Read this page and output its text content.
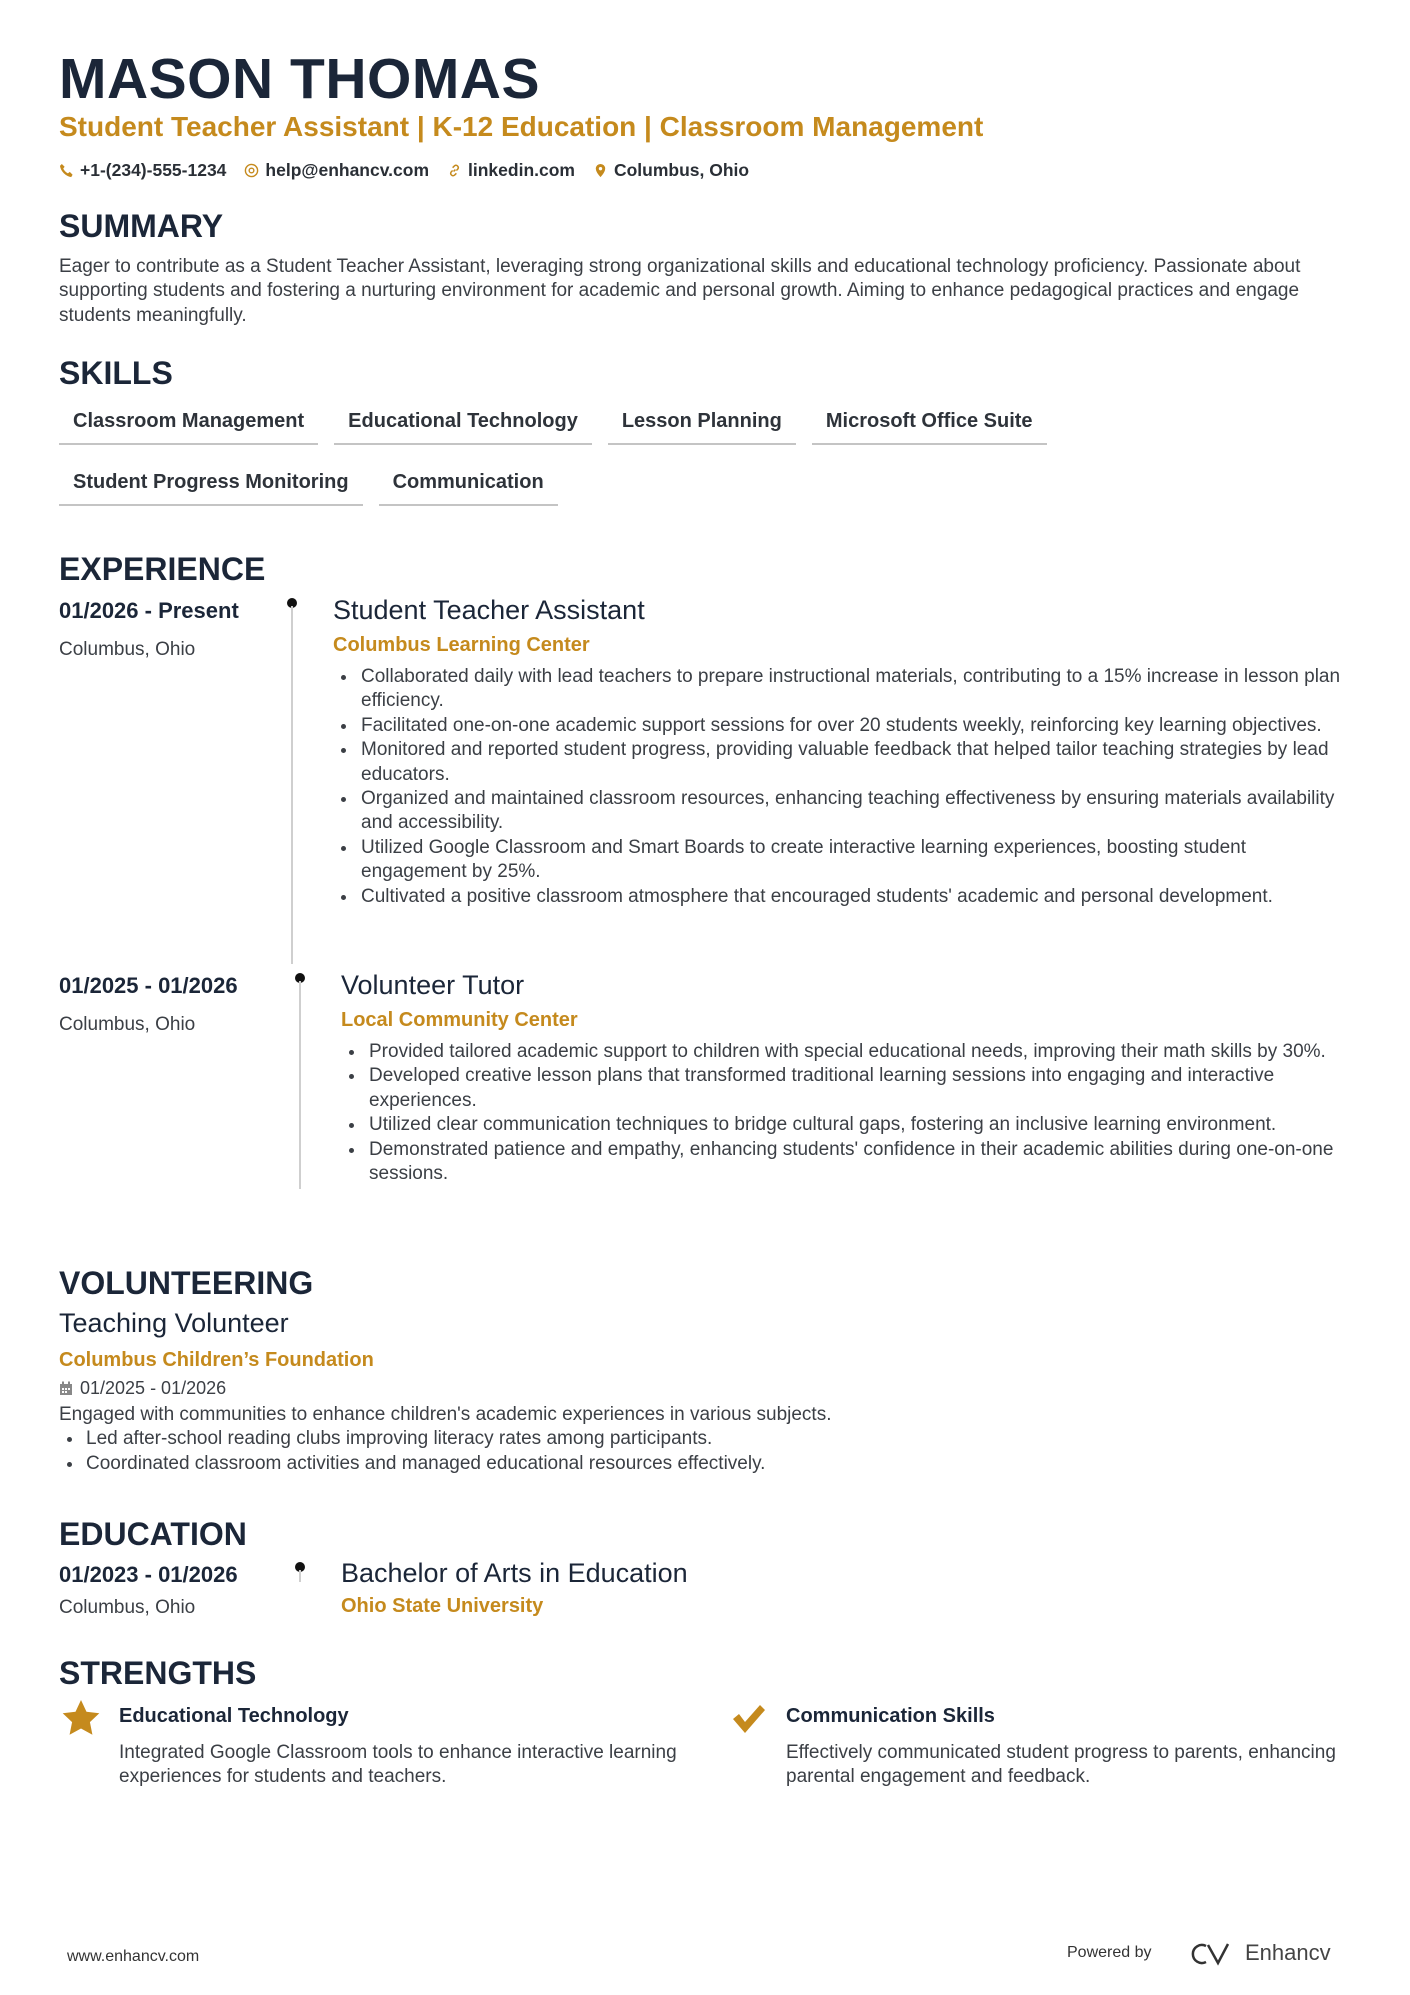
MASON THOMAS
Student Teacher Assistant | K-12 Education | Classroom Management
+1-(234)-555-1234 help@enhancv.com linkedin.com Columbus, Ohio
SUMMARY
Eager to contribute as a Student Teacher Assistant, leveraging strong organizational skills and educational technology proficiency. Passionate about supporting students and fostering a nurturing environment for academic and personal growth. Aiming to enhance pedagogical practices and engage students meaningfully.
SKILLS
Classroom Management	Educational Technology	Lesson Planning	Microsoft Office Suite
Student Progress Monitoring	Communication
EXPERIENCE
01/2026 - Present
Columbus, Ohio
Student Teacher Assistant
Columbus Learning Center
Collaborated daily with lead teachers to prepare instructional materials, contributing to a 15% increase in lesson plan efficiency.
Facilitated one-on-one academic support sessions for over 20 students weekly, reinforcing key learning objectives.
Monitored and reported student progress, providing valuable feedback that helped tailor teaching strategies by lead educators.
Organized and maintained classroom resources, enhancing teaching effectiveness by ensuring materials availability and accessibility.
Utilized Google Classroom and Smart Boards to create interactive learning experiences, boosting student engagement by 25%.
Cultivated a positive classroom atmosphere that encouraged students' academic and personal development.
01/2025 - 01/2026
Columbus, Ohio
Volunteer Tutor
Local Community Center
Provided tailored academic support to children with special educational needs, improving their math skills by 30%.
Developed creative lesson plans that transformed traditional learning sessions into engaging and interactive experiences.
Utilized clear communication techniques to bridge cultural gaps, fostering an inclusive learning environment.
Demonstrated patience and empathy, enhancing students' confidence in their academic abilities during one-on-one sessions.
VOLUNTEERING
Teaching Volunteer
Columbus Children’s Foundation
01/2025 - 01/2026
Engaged with communities to enhance children's academic experiences in various subjects.
Led after-school reading clubs improving literacy rates among participants.
Coordinated classroom activities and managed educational resources effectively.
EDUCATION
01/2023 - 01/2026
Columbus, Ohio
Bachelor of Arts in Education
Ohio State University
STRENGTHS
Educational Technology
Integrated Google Classroom tools to enhance interactive learning experiences for students and teachers.
Communication Skills
Effectively communicated student progress to parents, enhancing parental engagement and feedback.
www.enhancv.com	Powered by	Enhancv
